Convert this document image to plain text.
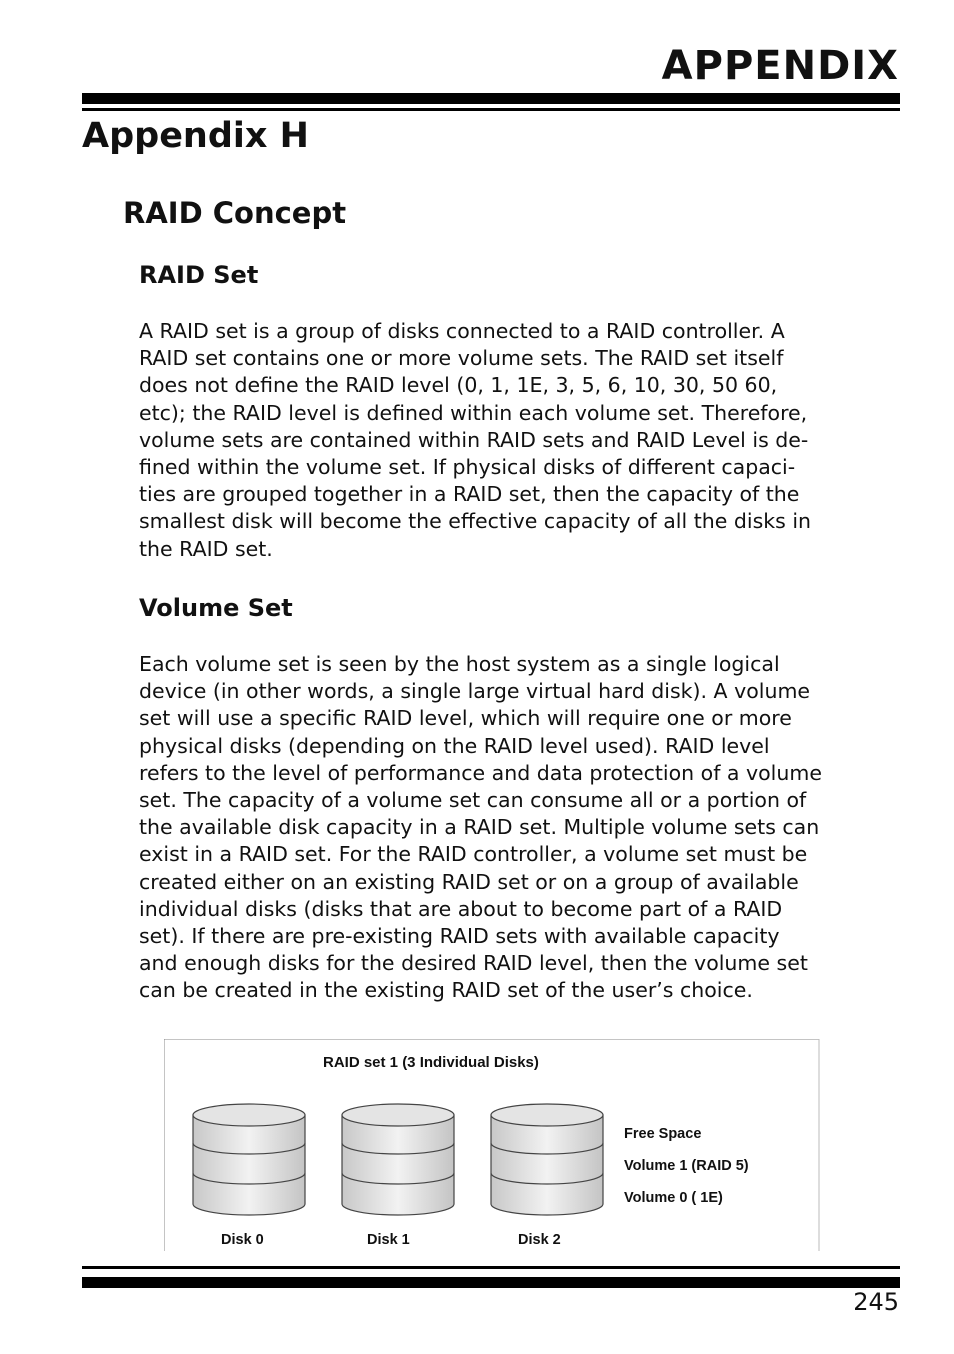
APPENDIX
Appendix H
RAID Concept
RAID Set

A RAID set is a group of disks connected to a RAID controller. A
RAID set contains one or more volume sets. The RAID set itself
does not define the RAID level (0, 1, 1E, 3, 5, 6, 10, 30, 50 60,
etc); the RAID level is defined within each volume set. Therefore,
volume sets are contained within RAID sets and RAID Level is de-
fined within the volume set. If physical disks of different capaci-
ties are grouped together in a RAID set, then the capacity of the
smallest disk will become the effective capacity of all the disks in
the RAID set.

Volume Set

Each volume set is seen by the host system as a single logical
device (in other words, a single large virtual hard disk). A volume
set will use a specific RAID level, which will require one or more
physical disks (depending on the RAID level used). RAID level
refers to the level of performance and data protection of a volume
set. The capacity of a volume set can consume all or a portion of
the available disk capacity in a RAID set. Multiple volume sets can
exist in a RAID set. For the RAID controller, a volume set must be
created either on an existing RAID set or on a group of available
individual disks (disks that are about to become part of a RAID
set). If there are pre-existing RAID sets with available capacity
and enough disks for the desired RAID level, then the volume set
can be created in the existing RAID set of the user’s choice.

RAID set 1 (3 Individual Disks)
Free Space
Volume 1 (RAID 5)
Volume 0 ( 1E)
Disk 0	Disk 1	Disk 2

245
